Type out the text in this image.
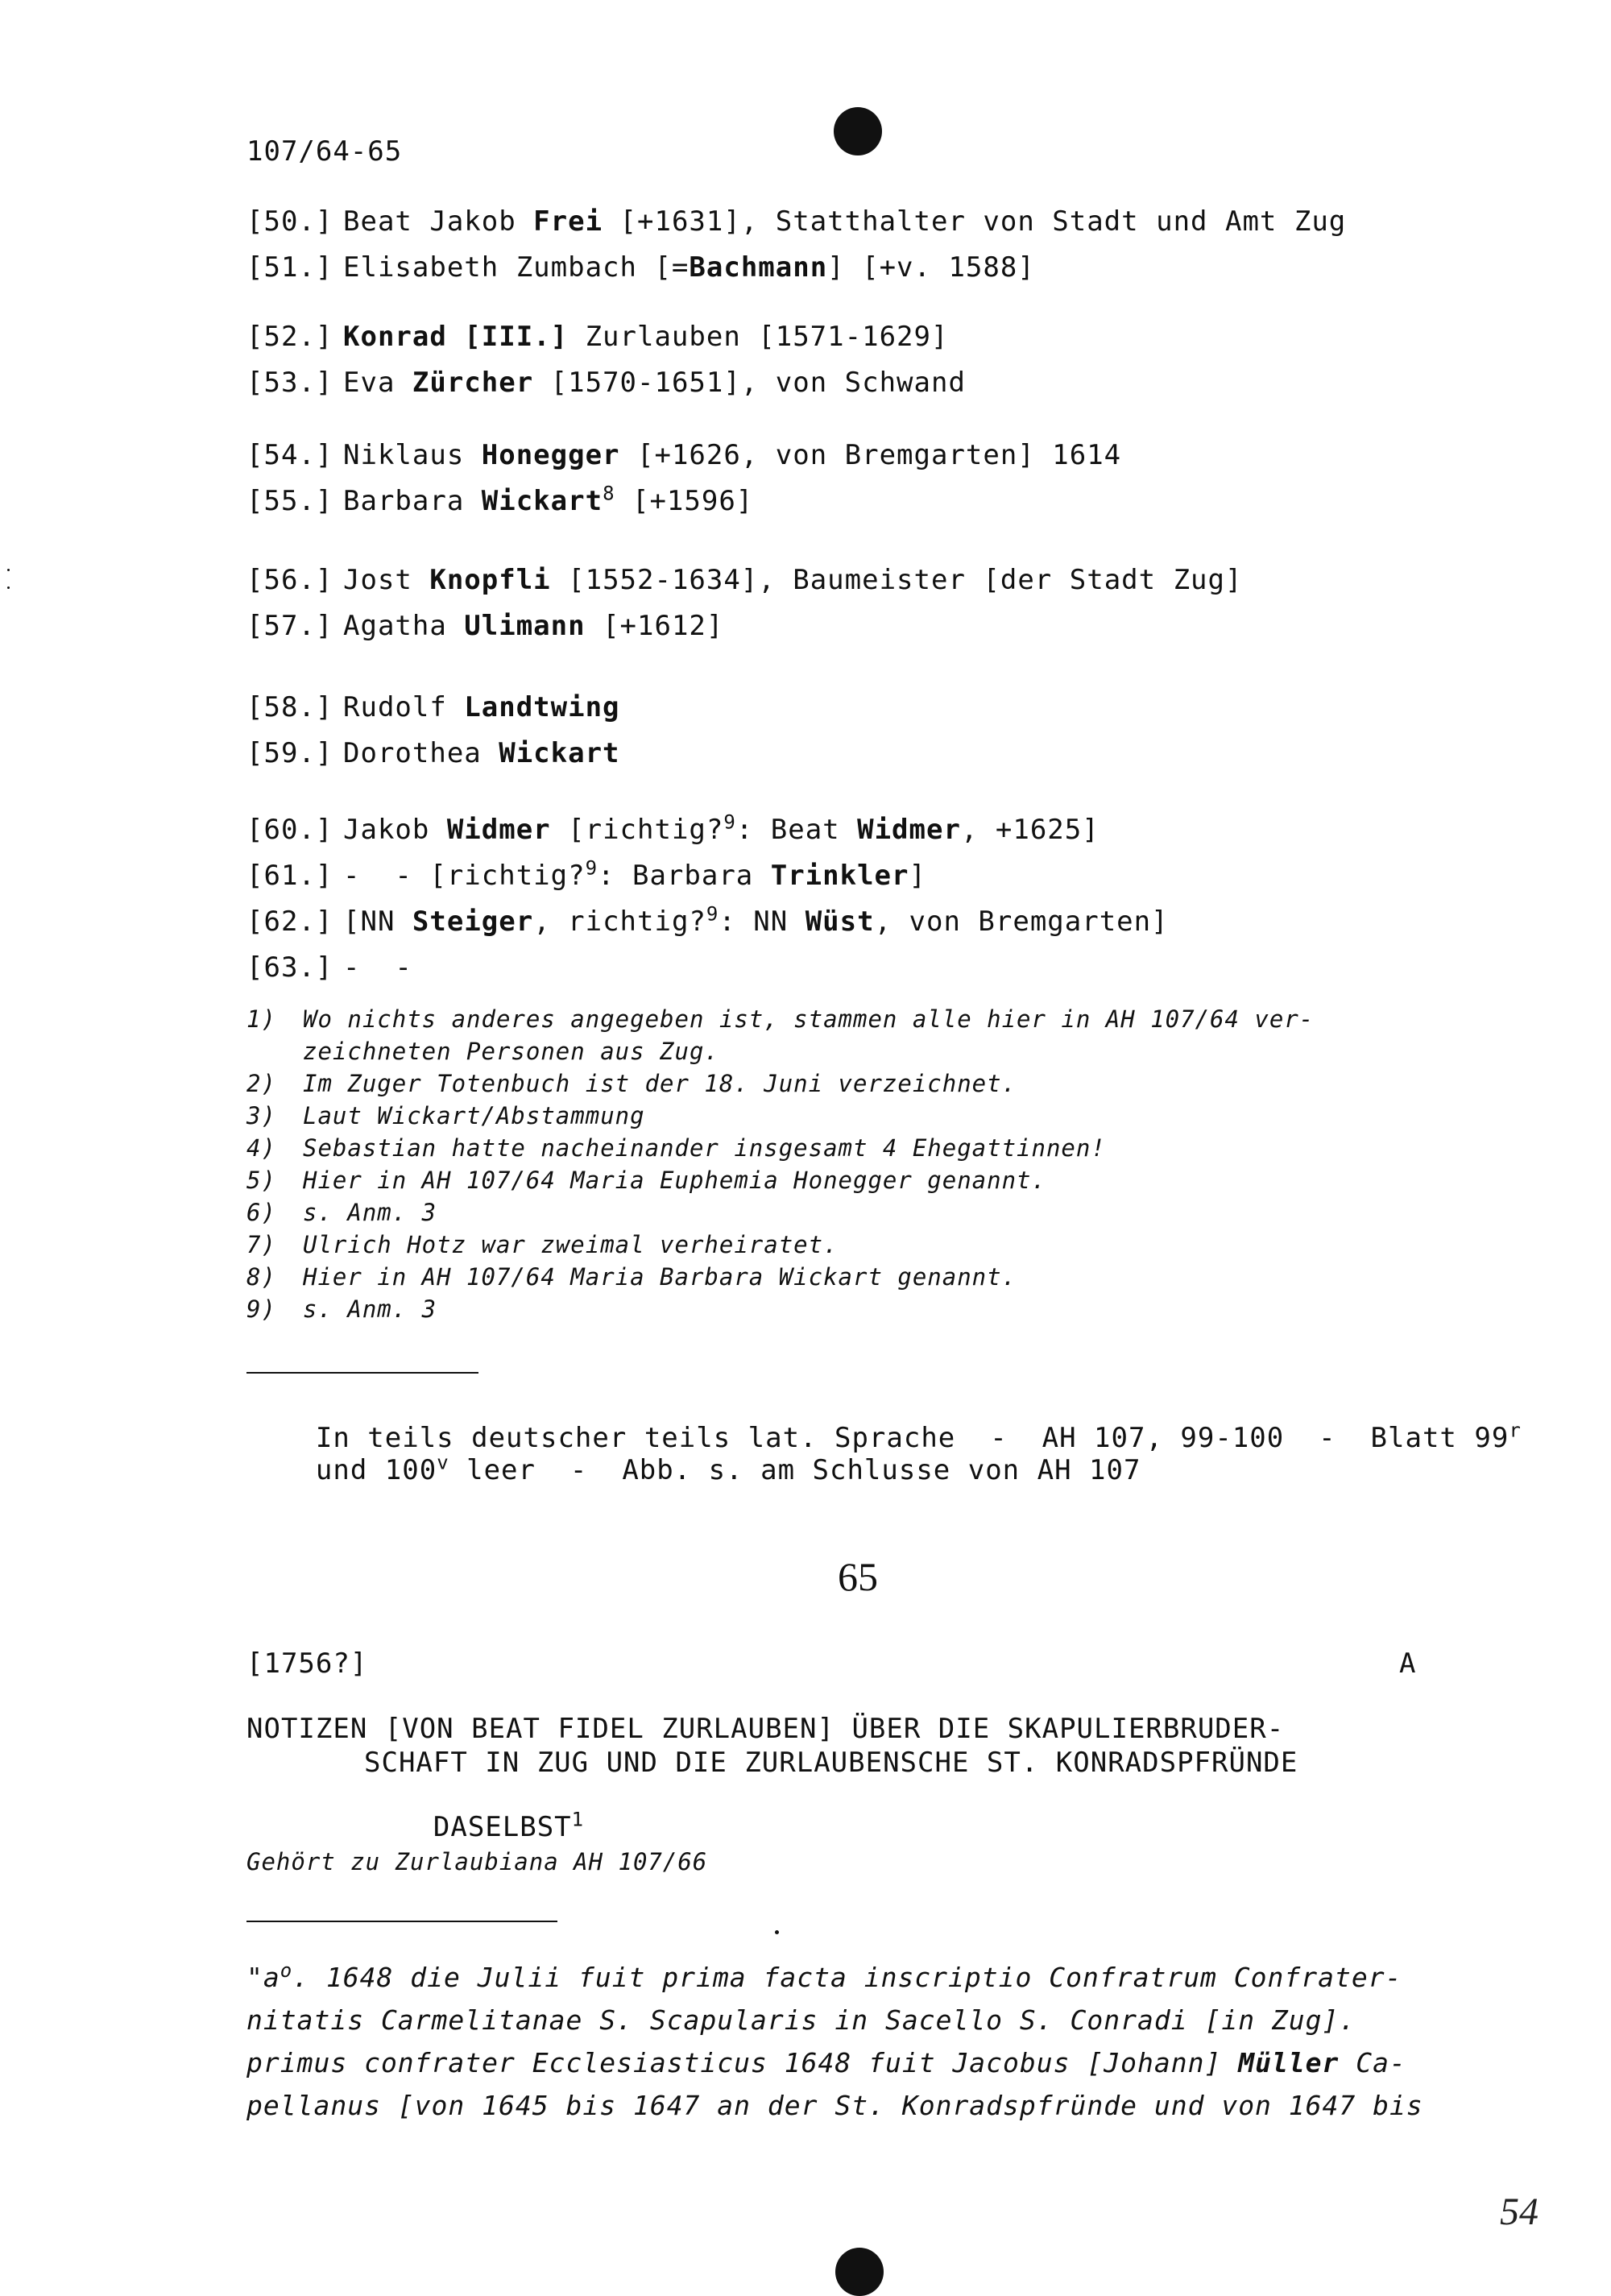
107/64-65
[50.] Beat Jakob Frei [+1631], Statthalter von Stadt und Amt Zug
[51.] Elisabeth Zumbach [=Bachmann] [+v. 1588]
[52.] Konrad [III.] Zurlauben [1571-1629]
[53.] Eva Zürcher [1570-1651], von Schwand
[54.] Niklaus Honegger [+1626, von Bremgarten] 1614
[55.] Barbara Wickart$^8$ [+1596]
[56.] Jost Knopfli [1552-1634], Baumeister [der Stadt Zug]
[57.] Agatha Ulimann [+1612]
[58.] Rudolf Landtwing
[59.] Dorothea Wickart
[60.] Jakob Widmer [richtig?$^9$: Beat Widmer, +1625]
[61.] -  - [richtig?$^9$: Barbara Trinkler]
[62.] [NN Steiger, richtig?$^9$: NN Wüst, von Bremgarten]
[63.] -  -
1) Wo nichts anderes angegeben ist, stammen alle hier in AH 107/64 ver-
zeichneten Personen aus Zug.
2) Im Zuger Totenbuch ist der 18. Juni verzeichnet.
3) Laut Wickart/Abstammung
4) Sebastian hatte nacheinander insgesamt 4 Ehegattinnen!
5) Hier in AH 107/64 Maria Euphemia Honegger genannt.
6) s. Anm. 3
7) Ulrich Hotz war zweimal verheiratet.
8) Hier in AH 107/64 Maria Barbara Wickart genannt.
9) s. Anm. 3

In teils deutscher teils lat. Sprache  -  AH 107, 99-100  -  Blatt 99$^r$

und 100$^v$ leer  -  Abb. s. am Schlusse von AH 107

65
[1756?]	A
NOTIZEN [VON BEAT FIDEL ZURLAUBEN] ÜBER DIE SKAPULIERBRUDER-
SCHAFT IN ZUG UND DIE ZURLAUBENSCHE ST. KONRADSPFRÜNDE

DASELBST$^1$

Gehört zu Zurlaubiana AH 107/66
"$a^o$. 1648 die Julii fuit prima facta inscriptio Confratrum Confrater-
nitatis Carmelitanae S. Scapularis in Sacello S. Conradi [in Zug].
primus confrater Ecclesiasticus 1648 fuit Jacobus [Johann] Müller Ca-
pellanus [von 1645 bis 1647 an der St. Konradspfründe und von 1647 bis
54
